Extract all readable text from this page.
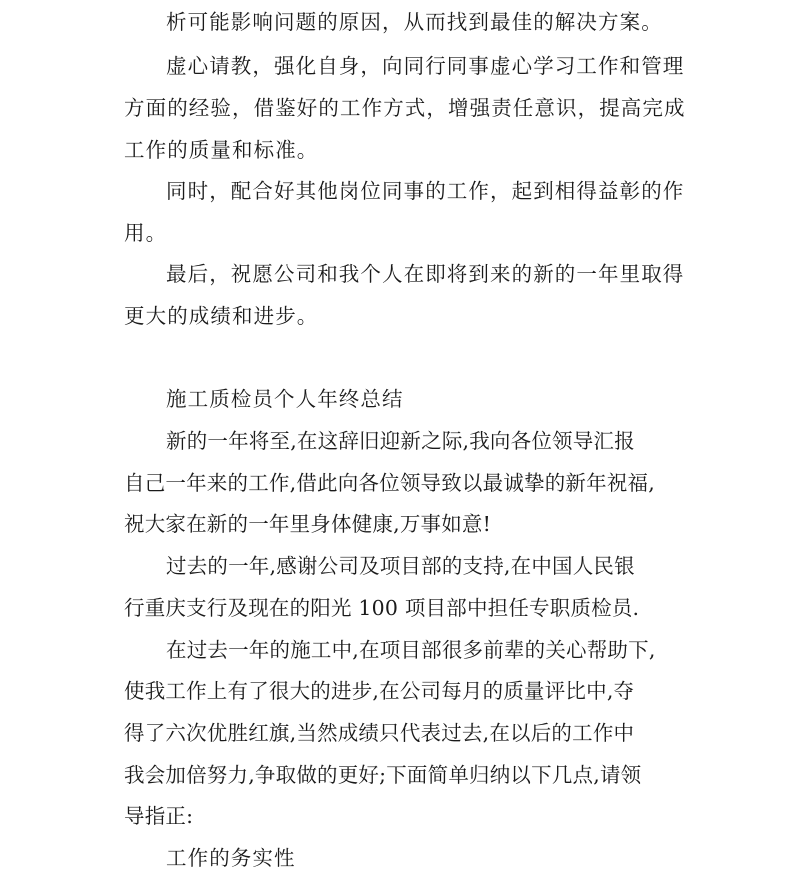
析可能影响问题的原因，从而找到最佳的解决方案。
虚心请教，强化自身，向同行同事虚心学习工作和管理
方面的经验，借鉴好的工作方式，增强责任意识，提高完成
工作的质量和标准。
同时，配合好其他岗位同事的工作，起到相得益彰的作
用。
最后，祝愿公司和我个人在即将到来的新的一年里取得
更大的成绩和进步。
施工质检员个人年终总结
新的一年将至,在这辞旧迎新之际,我向各位领导汇报
自己一年来的工作,借此向各位领导致以最诚挚的新年祝福,
祝大家在新的一年里身体健康,万事如意!
过去的一年,感谢公司及项目部的支持,在中国人民银
行重庆支行及现在的阳光 100 项目部中担任专职质检员.
在过去一年的施工中,在项目部很多前辈的关心帮助下,
使我工作上有了很大的进步,在公司每月的质量评比中,夺
得了六次优胜红旗,当然成绩只代表过去,在以后的工作中
我会加倍努力,争取做的更好;下面简单归纳以下几点,请领
导指正:
工作的务实性
